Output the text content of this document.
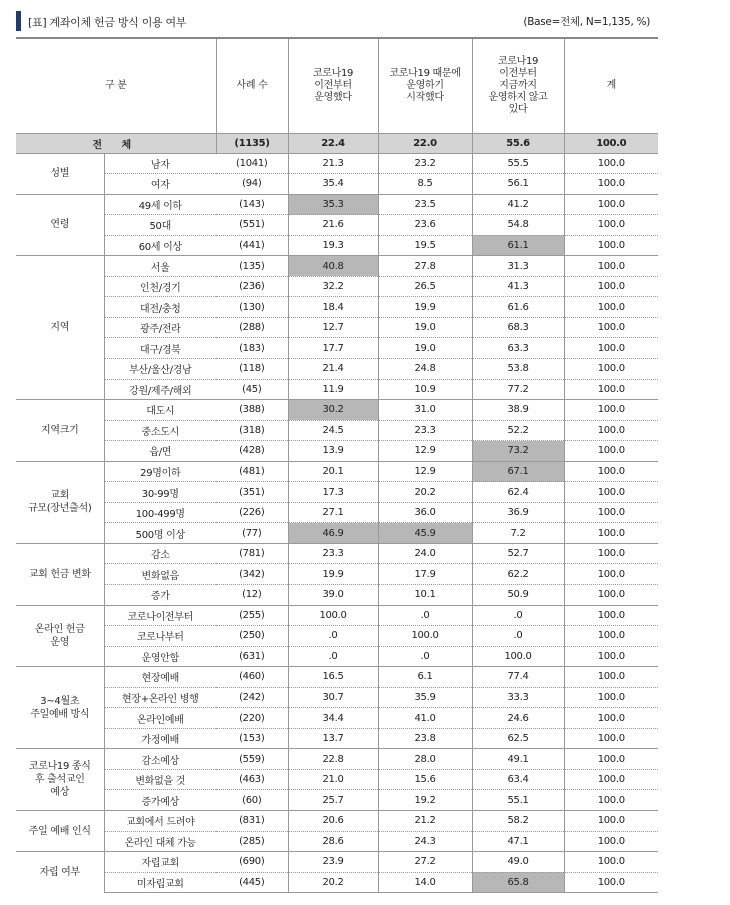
[표] 계좌이체 헌금 방식 이용 여부	(Base=전체, N=1,135, %)
구 분		사례 수	코로나19
이전부터
운영했다	코로나19 때문에
운영하기
시작했다	코로나19
이전부터
지금까지
운영하지 않고
있다	계
전 체		(1135)	22.4	22.0	55.6	100.0
성별	남자	(1041)	21.3	23.2	55.5	100.0
	여자	(94)	35.4	8.5	56.1	100.0
연령	49세 이하	(143)	35.3	23.5	41.2	100.0
	50대	(551)	21.6	23.6	54.8	100.0
	60세 이상	(441)	19.3	19.5	61.1	100.0
지역	서울	(135)	40.8	27.8	31.3	100.0
	인천/경기	(236)	32.2	26.5	41.3	100.0
	대전/충청	(130)	18.4	19.9	61.6	100.0
	광주/전라	(288)	12.7	19.0	68.3	100.0
	대구/경북	(183)	17.7	19.0	63.3	100.0
	부산/울산/경남	(118)	21.4	24.8	53.8	100.0
	강원/제주/해외	(45)	11.9	10.9	77.2	100.0
지역크기	대도시	(388)	30.2	31.0	38.9	100.0
	중소도시	(318)	24.5	23.3	52.2	100.0
	읍/면	(428)	13.9	12.9	73.2	100.0
교회
규모(장년출석)	29명이하	(481)	20.1	12.9	67.1	100.0
	30-99명	(351)	17.3	20.2	62.4	100.0
	100-499명	(226)	27.1	36.0	36.9	100.0
	500명 이상	(77)	46.9	45.9	7.2	100.0
교회 헌금 변화	감소	(781)	23.3	24.0	52.7	100.0
	변화없음	(342)	19.9	17.9	62.2	100.0
	증가	(12)	39.0	10.1	50.9	100.0
온라인 헌금
운영	코로나이전부터	(255)	100.0	.0	.0	100.0
	코로나부터	(250)	.0	100.0	.0	100.0
	운영안함	(631)	.0	.0	100.0	100.0
3~4월초
주일예배 방식	현장예배	(460)	16.5	6.1	77.4	100.0
	현장+온라인 병행	(242)	30.7	35.9	33.3	100.0
	온라인예배	(220)	34.4	41.0	24.6	100.0
	가정예배	(153)	13.7	23.8	62.5	100.0
코로나19 종식
후 출석교인
예상	감소예상	(559)	22.8	28.0	49.1	100.0
	변화없을 것	(463)	21.0	15.6	63.4	100.0
	증가예상	(60)	25.7	19.2	55.1	100.0
주일 예배 인식	교회에서 드려야	(831)	20.6	21.2	58.2	100.0
	온라인 대체 가능	(285)	28.6	24.3	47.1	100.0
자립 여부	자립교회	(690)	23.9	27.2	49.0	100.0
	미자립교회	(445)	20.2	14.0	65.8	100.0
